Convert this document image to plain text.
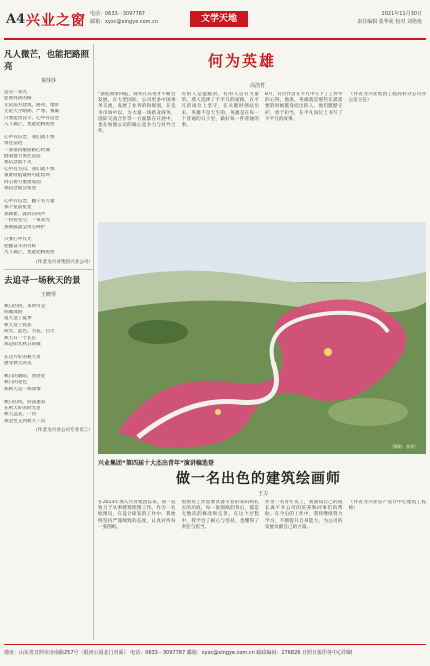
A4 兴业之窗 电话：0633－3097787
邮箱：xyxc@xingye.com.cn	文学天地	2021年11月30日
责任编辑 张华苑 校对 刘艳艳
凡人微芒，也能把路照亮
秦莎莎
总有一束光
愿照亮回的路
无论前方建筑、路况、地形
无论天空晴朗、严寒、雾凝
只要能善良守、心中有信念
人人微芒，也能把路照亮

心中有信念，我们就不惧
勇往前进
一条条沟壑险路心坦诚
群策群力勇往直前
那信念就不灭
心中有方向，我们就不惧
艰难险阻最终可能坎坷
同心协力重建家园
那信念就会希望

心中有信念，翻千有力量
那个星晨星星
那朝新，就回应回声
一份份坚守，一束束光
那朝露晶莹用心呵护

只要心中有光
把握奋斗的目标
凡人微芒，也能把路照亮
（作者为兴业集团兴业公司）
去追寻一场秋天的景
王晓琴
秋日的风，来时可是
明媚深情
夏天送了夏季
秋天迎了收获
阳光、蓝色、雪花、白天
秋天有一个长长
那是阳光秋日的歌

在这片好的秋天里
感受秋天的美

秋日的暖阳，到处处
秋日的金色
和秋天是一场深情

秋日的风，轻落迷彩
在秋天好的时光里
秋天远去，一切
那金色又到秋天一次
（作者为兴业公司专业员工）
何为英雄
高浩哲
"条纹领带回报，商务在其英才不断会发展，在大型国际，公司更多中国事务交流，发展了业务的和规划，在竞争市场中以，为大量一场新业商务，国际交流合作等一方面都在开展中，也在加强公司的核心竞争力与对外合作。
有的人是温暖的，有的人是有力量的。那人选择了不平凡的道路，在平凡的岗位上坚守，在关键时刻站出来。英雄不是天生的，英雄是在每一个普通的日子里，做好每一件普通的事。
8月，有位作者在平凡中写下了工作中的心得，他说，英雄就是那些在最需要的时候挺身而出的人。他们默默守护、勇于担当，在平凡岗位上书写了不平凡的故事。
（作者为兴业集团工程高科分公司办公室主任）
（摄影：张华）
兴业集团“第四届十大杰出青年”演讲稿选登
做一名出色的建筑绘画师
王力
在2013年加入兴业集团以来，我一直致力于从事建筑绘图工作。作为一名绘图员，在设计研发的工作中，我始终坚持严谨细致的态度，认真对待每一张图纸。
绘图员工作需要具备专业的知识和扎实的功底，每一张图纸的背后，都是无数次的修改和完善。在这个过程中，我学会了耐心与坚持，也懂得了责任与担当。
作为一名青年员工，我深知自己的成长离不开公司的培养和同事们的帮助。在今后的工作中，我将继续努力学习，不断提升自身能力，为公司的发展贡献自己的力量。
（作者为兴业房产设计中心建筑工程师）
地址：山东省日照市济南路257号（银河公园北门对面） 电话：0633－3097787 邮箱：xyxc@xingye.com.cn 邮政编码：276826 日照日报印务中心印刷
